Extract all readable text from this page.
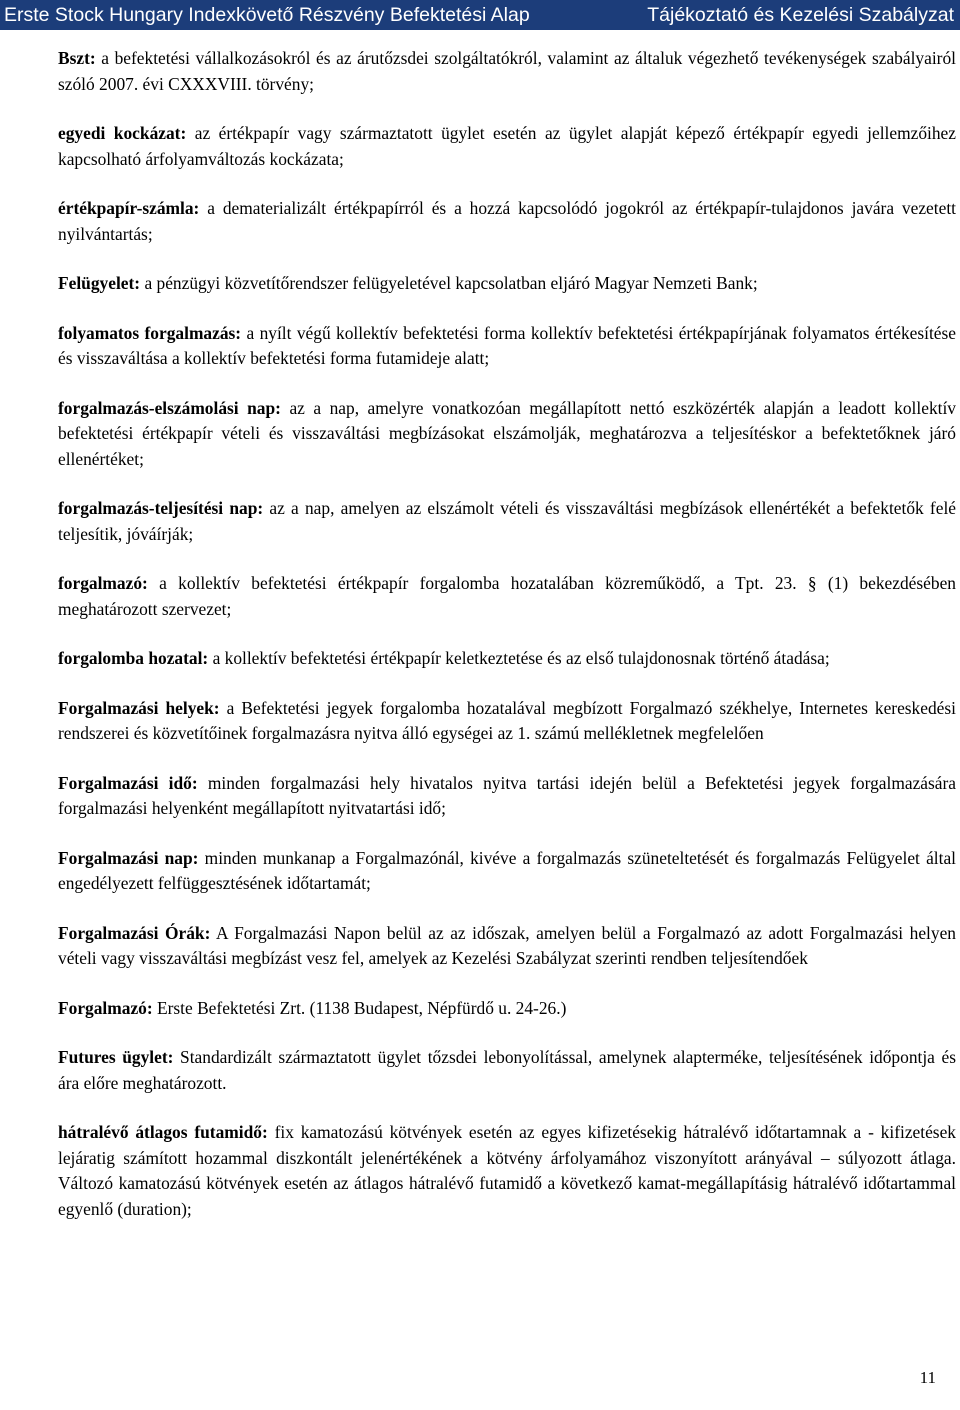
Erste Stock Hungary Indexkövető Részvény Befektetési Alap	Tájékoztató és Kezelési Szabályzat

Bszt: a befektetési vállalkozásokról és az árutőzsdei szolgáltatókról, valamint az általuk végezhető tevékenységek szabályairól szóló 2007. évi CXXXVIII. törvény;

egyedi kockázat: az értékpapír vagy származtatott ügylet esetén az ügylet alapját képező értékpapír egyedi jellemzőihez kapcsolható árfolyamváltozás kockázata;

értékpapír-számla: a dematerializált értékpapírról és a hozzá kapcsolódó jogokról az értékpapír-tulajdonos javára vezetett nyilvántartás;

Felügyelet: a pénzügyi közvetítőrendszer felügyeletével kapcsolatban eljáró Magyar Nemzeti Bank;

folyamatos forgalmazás: a nyílt végű kollektív befektetési forma kollektív befektetési értékpapírjának folyamatos értékesítése és visszaváltása a kollektív befektetési forma futamideje alatt;

forgalmazás-elszámolási nap: az a nap, amelyre vonatkozóan megállapított nettó eszközérték alapján a leadott kollektív befektetési értékpapír vételi és visszaváltási megbízásokat elszámolják, meghatározva a teljesítéskor a befektetőknek járó ellenértéket;

forgalmazás-teljesítési nap: az a nap, amelyen az elszámolt vételi és visszaváltási megbízások ellenértékét a befektetők felé teljesítik, jóváírják;

forgalmazó: a kollektív befektetési értékpapír forgalomba hozatalában közreműködő, a Tpt. 23. § (1) bekezdésében meghatározott szervezet;

forgalomba hozatal: a kollektív befektetési értékpapír keletkeztetése és az első tulajdonosnak történő átadása;

Forgalmazási helyek: a Befektetési jegyek forgalomba hozatalával megbízott Forgalmazó székhelye, Internetes kereskedési rendszerei és közvetítőinek forgalmazásra nyitva álló egységei az 1. számú mellékletnek megfelelően

Forgalmazási idő: minden forgalmazási hely hivatalos nyitva tartási idején belül a Befektetési jegyek forgalmazására forgalmazási helyenként megállapított nyitvatartási idő;

Forgalmazási nap: minden munkanap a Forgalmazónál, kivéve a forgalmazás szüneteltetését és forgalmazás Felügyelet által engedélyezett felfüggesztésének időtartamát;

Forgalmazási Órák: A Forgalmazási Napon belül az az időszak, amelyen belül a Forgalmazó az adott Forgalmazási helyen vételi vagy visszaváltási megbízást vesz fel, amelyek az Kezelési Szabályzat szerinti rendben teljesítendőek

Forgalmazó: Erste Befektetési Zrt. (1138 Budapest, Népfürdő u. 24-26.)

Futures ügylet: Standardizált származtatott ügylet tőzsdei lebonyolítással, amelynek alapterméke, teljesítésének időpontja és ára előre meghatározott.

hátralévő átlagos futamidő: fix kamatozású kötvények esetén az egyes kifizetésekig hátralévő időtartamnak a - kifizetések lejáratig számított hozammal diszkontált jelenértékének a kötvény árfolyamához viszonyított arányával – súlyozott átlaga. Változó kamatozású kötvények esetén az átlagos hátralévő futamidő a következő kamat-megállapításig hátralévő időtartammal egyenlő (duration);

11
